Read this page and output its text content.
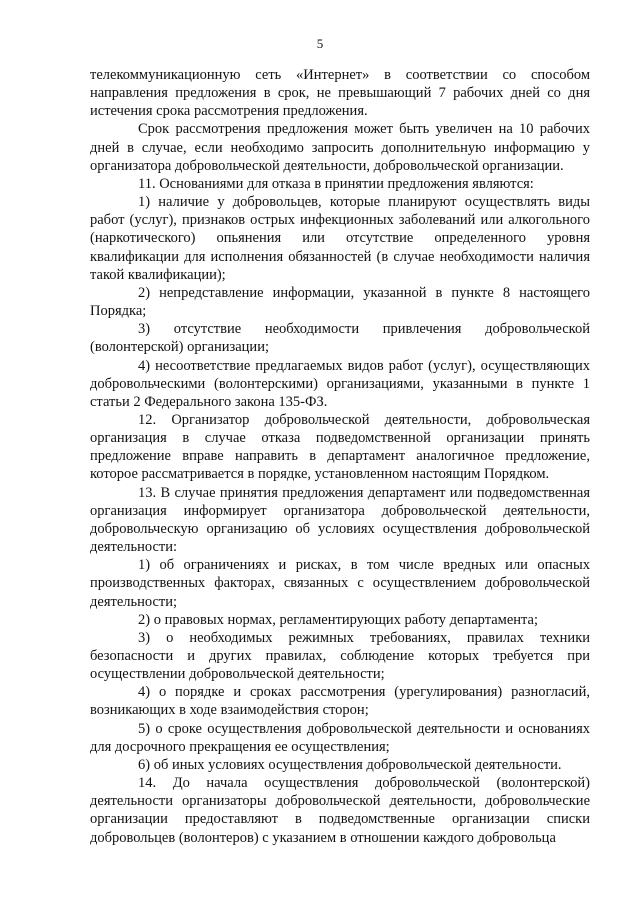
5

телекоммуникационную сеть «Интернет» в соответствии со способом направления предложения в срок, не превышающий 7 рабочих дней со дня истечения срока рассмотрения предложения.

Срок рассмотрения предложения может быть увеличен на 10 рабочих дней в случае, если необходимо запросить дополнительную информацию у организатора добровольческой деятельности, добровольческой организации.

11. Основаниями для отказа в принятии предложения являются:

1) наличие у добровольцев, которые планируют осуществлять виды работ (услуг), признаков острых инфекционных заболеваний или алкогольного (наркотического) опьянения или отсутствие определенного уровня квалификации для исполнения обязанностей (в случае необходимости наличия такой квалификации);

2) непредставление информации, указанной в пункте 8 настоящего Порядка;

3) отсутствие необходимости привлечения добровольческой (волонтерской) организации;

4) несоответствие предлагаемых видов работ (услуг), осуществляющих добровольческими (волонтерскими) организациями, указанными в пункте 1 статьи 2 Федерального закона 135-ФЗ.

12. Организатор добровольческой деятельности, добровольческая организация в случае отказа подведомственной организации принять предложение вправе направить в департамент аналогичное предложение, которое рассматривается в порядке, установленном настоящим Порядком.

13. В случае принятия предложения департамент или подведомственная организация информирует организатора добровольческой деятельности, добровольческую организацию об условиях осуществления добровольческой деятельности:

1) об ограничениях и рисках, в том числе вредных или опасных производственных факторах, связанных с осуществлением добровольческой деятельности;

2) о правовых нормах, регламентирующих работу департамента;

3) о необходимых режимных требованиях, правилах техники безопасности и других правилах, соблюдение которых требуется при осуществлении добровольческой деятельности;

4) о порядке и сроках рассмотрения (урегулирования) разногласий, возникающих в ходе взаимодействия сторон;

5) о сроке осуществления добровольческой деятельности и основаниях для досрочного прекращения ее осуществления;

6) об иных условиях осуществления добровольческой деятельности.

14. До начала осуществления добровольческой (волонтерской) деятельности организаторы добровольческой деятельности, добровольческие организации предоставляют в подведомственные организации списки добровольцев (волонтеров) с указанием в отношении каждого добровольца
